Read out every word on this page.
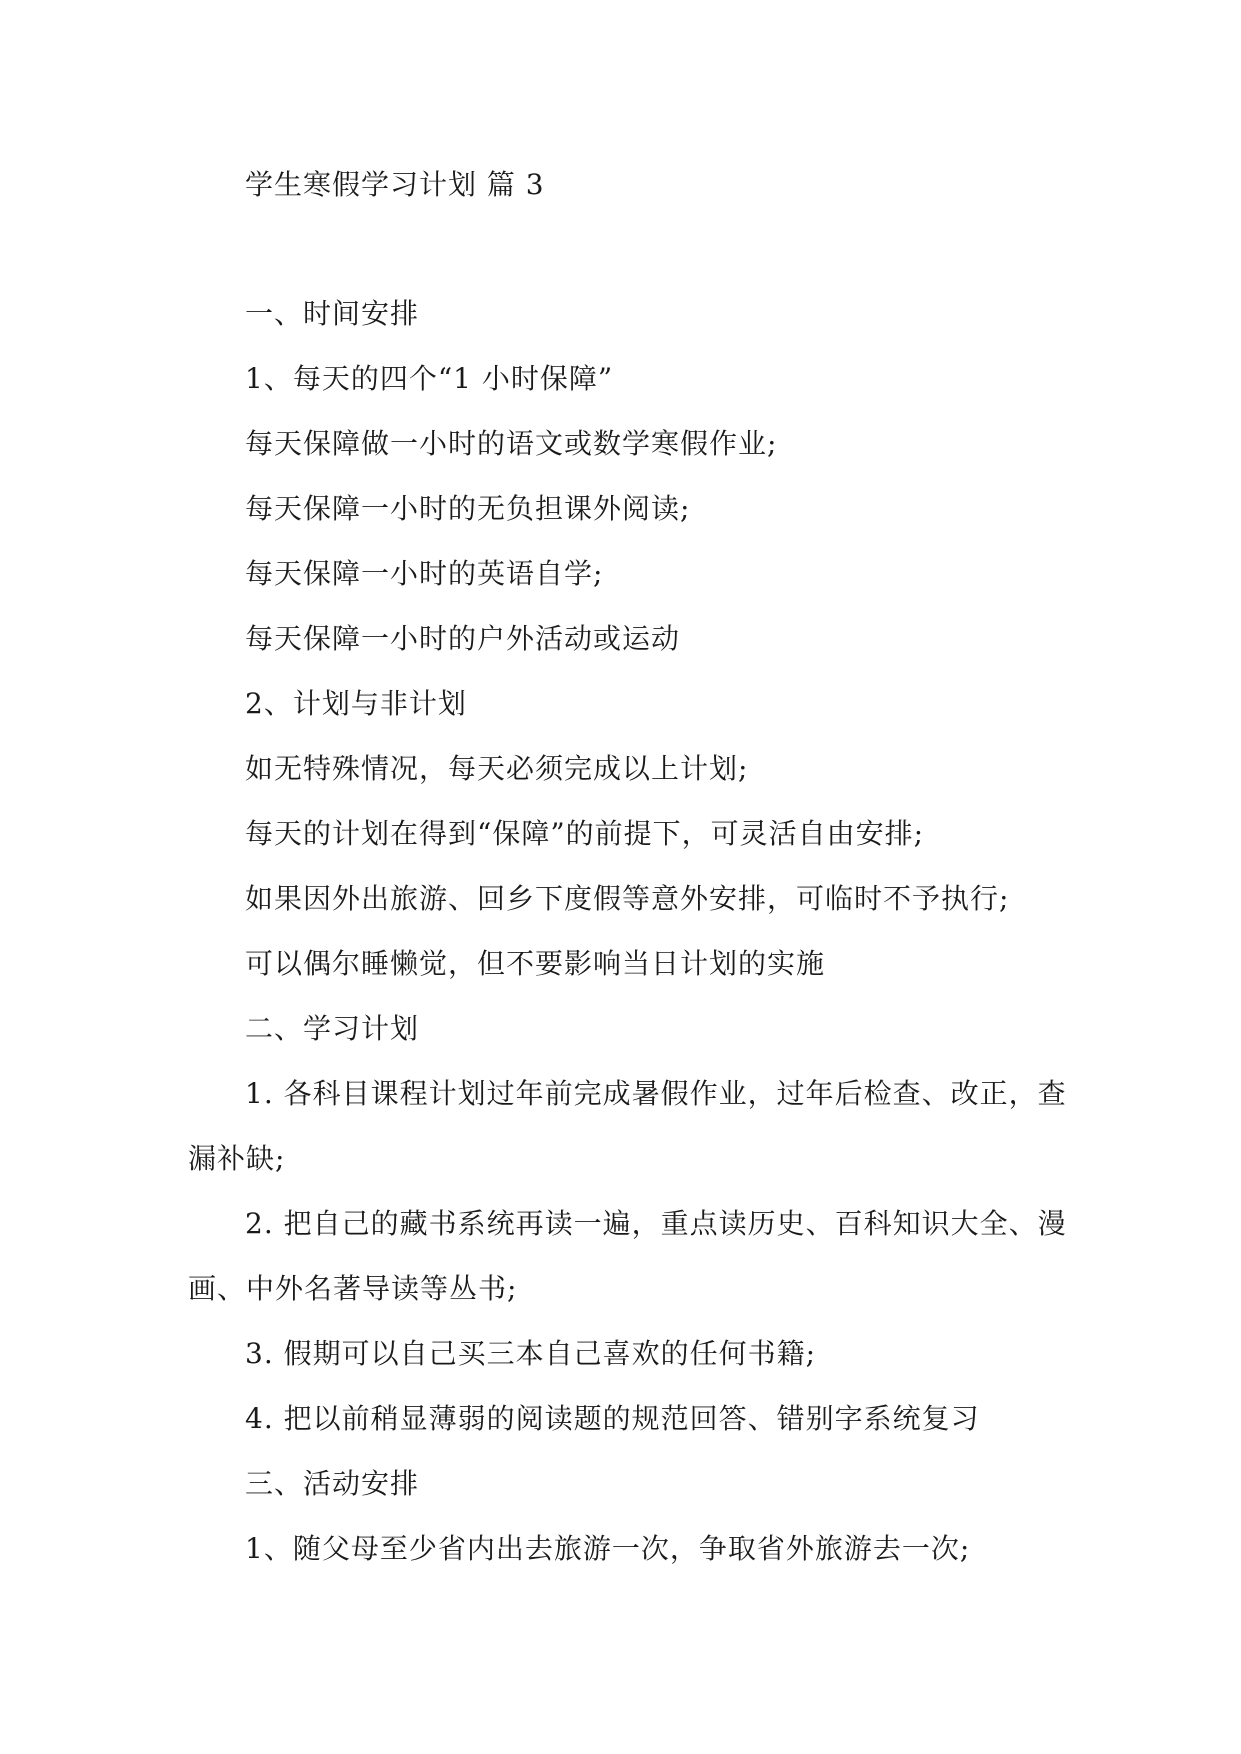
学生寒假学习计划 篇 3
一、时间安排
1、每天的四个“1 小时保障”
每天保障做一小时的语文或数学寒假作业;
每天保障一小时的无负担课外阅读;
每天保障一小时的英语自学;
每天保障一小时的户外活动或运动
2、计划与非计划
如无特殊情况，每天必须完成以上计划;
每天的计划在得到“保障”的前提下，可灵活自由安排;
如果因外出旅游、回乡下度假等意外安排，可临时不予执行;
可以偶尔睡懒觉，但不要影响当日计划的实施
二、学习计划
1. 各科目课程计划过年前完成暑假作业，过年后检查、改正，查
漏补缺;
2. 把自己的藏书系统再读一遍，重点读历史、百科知识大全、漫
画、中外名著导读等丛书;
3. 假期可以自己买三本自己喜欢的任何书籍;
4. 把以前稍显薄弱的阅读题的规范回答、错别字系统复习
三、活动安排
1、随父母至少省内出去旅游一次，争取省外旅游去一次;
